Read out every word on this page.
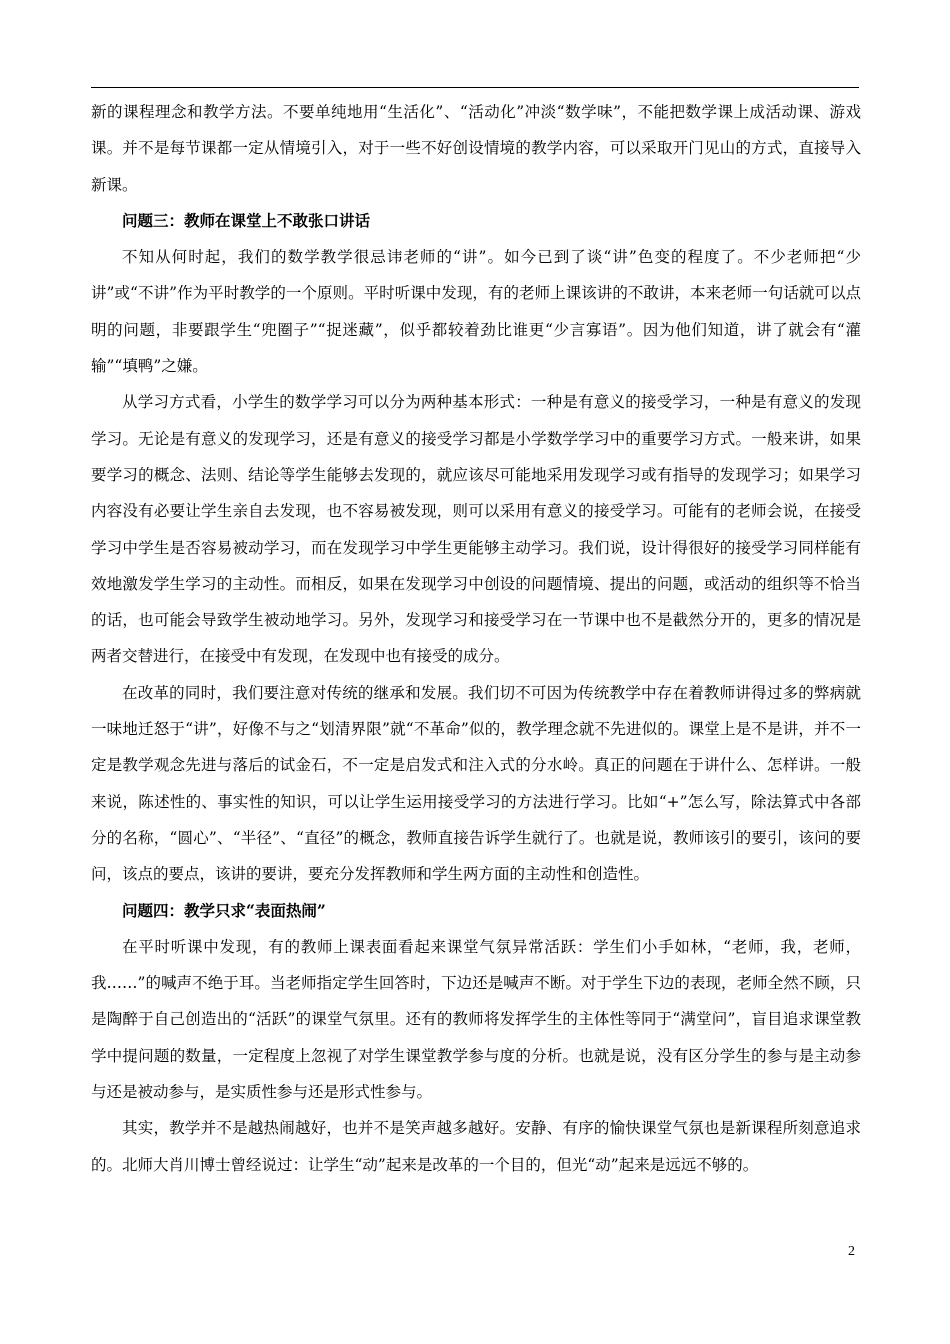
新的课程理念和教学方法。不要单纯地用“生活化”、“活动化”冲淡“数学味”，不能把数学课上成活动课、游戏课。并不是每节课都一定从情境引入，对于一些不好创设情境的教学内容，可以采取开门见山的方式，直接导入新课。

问题三：教师在课堂上不敢张口讲话

不知从何时起，我们的数学教学很忌讳老师的“讲”。如今已到了谈“讲”色变的程度了。不少老师把“少讲”或“不讲”作为平时教学的一个原则。平时听课中发现，有的老师上课该讲的不敢讲，本来老师一句话就可以点明的问题，非要跟学生“兜圈子”“捉迷藏”，似乎都较着劲比谁更“少言寡语”。因为他们知道，讲了就会有“灌输”“填鸭”之嫌。

从学习方式看，小学生的数学学习可以分为两种基本形式：一种是有意义的接受学习，一种是有意义的发现学习。无论是有意义的发现学习，还是有意义的接受学习都是小学数学学习中的重要学习方式。一般来讲，如果要学习的概念、法则、结论等学生能够去发现的，就应该尽可能地采用发现学习或有指导的发现学习；如果学习内容没有必要让学生亲自去发现，也不容易被发现，则可以采用有意义的接受学习。可能有的老师会说，在接受学习中学生是否容易被动学习，而在发现学习中学生更能够主动学习。我们说，设计得很好的接受学习同样能有效地激发学生学习的主动性。而相反，如果在发现学习中创设的问题情境、提出的问题，或活动的组织等不恰当的话，也可能会导致学生被动地学习。另外，发现学习和接受学习在一节课中也不是截然分开的，更多的情况是两者交替进行，在接受中有发现，在发现中也有接受的成分。

在改革的同时，我们要注意对传统的继承和发展。我们切不可因为传统教学中存在着教师讲得过多的弊病就一味地迁怒于“讲”，好像不与之“划清界限”就“不革命”似的，教学理念就不先进似的。课堂上是不是讲，并不一定是教学观念先进与落后的试金石，不一定是启发式和注入式的分水岭。真正的问题在于讲什么、怎样讲。一般来说，陈述性的、事实性的知识，可以让学生运用接受学习的方法进行学习。比如“+”怎么写，除法算式中各部分的名称，“圆心”、“半径”、“直径”的概念，教师直接告诉学生就行了。也就是说，教师该引的要引，该问的要问，该点的要点，该讲的要讲，要充分发挥教师和学生两方面的主动性和创造性。

问题四：教学只求“表面热闹”

在平时听课中发现，有的教师上课表面看起来课堂气氛异常活跃：学生们小手如林，“老师，我，老师，我……”的喊声不绝于耳。当老师指定学生回答时，下边还是喊声不断。对于学生下边的表现，老师全然不顾，只是陶醉于自己创造出的“活跃”的课堂气氛里。还有的教师将发挥学生的主体性等同于“满堂问”，盲目追求课堂教学中提问题的数量，一定程度上忽视了对学生课堂教学参与度的分析。也就是说，没有区分学生的参与是主动参与还是被动参与，是实质性参与还是形式性参与。

其实，教学并不是越热闹越好，也并不是笑声越多越好。安静、有序的愉快课堂气氛也是新课程所刻意追求的。北师大肖川博士曾经说过：让学生“动”起来是改革的一个目的，但光“动”起来是远远不够的。

2
